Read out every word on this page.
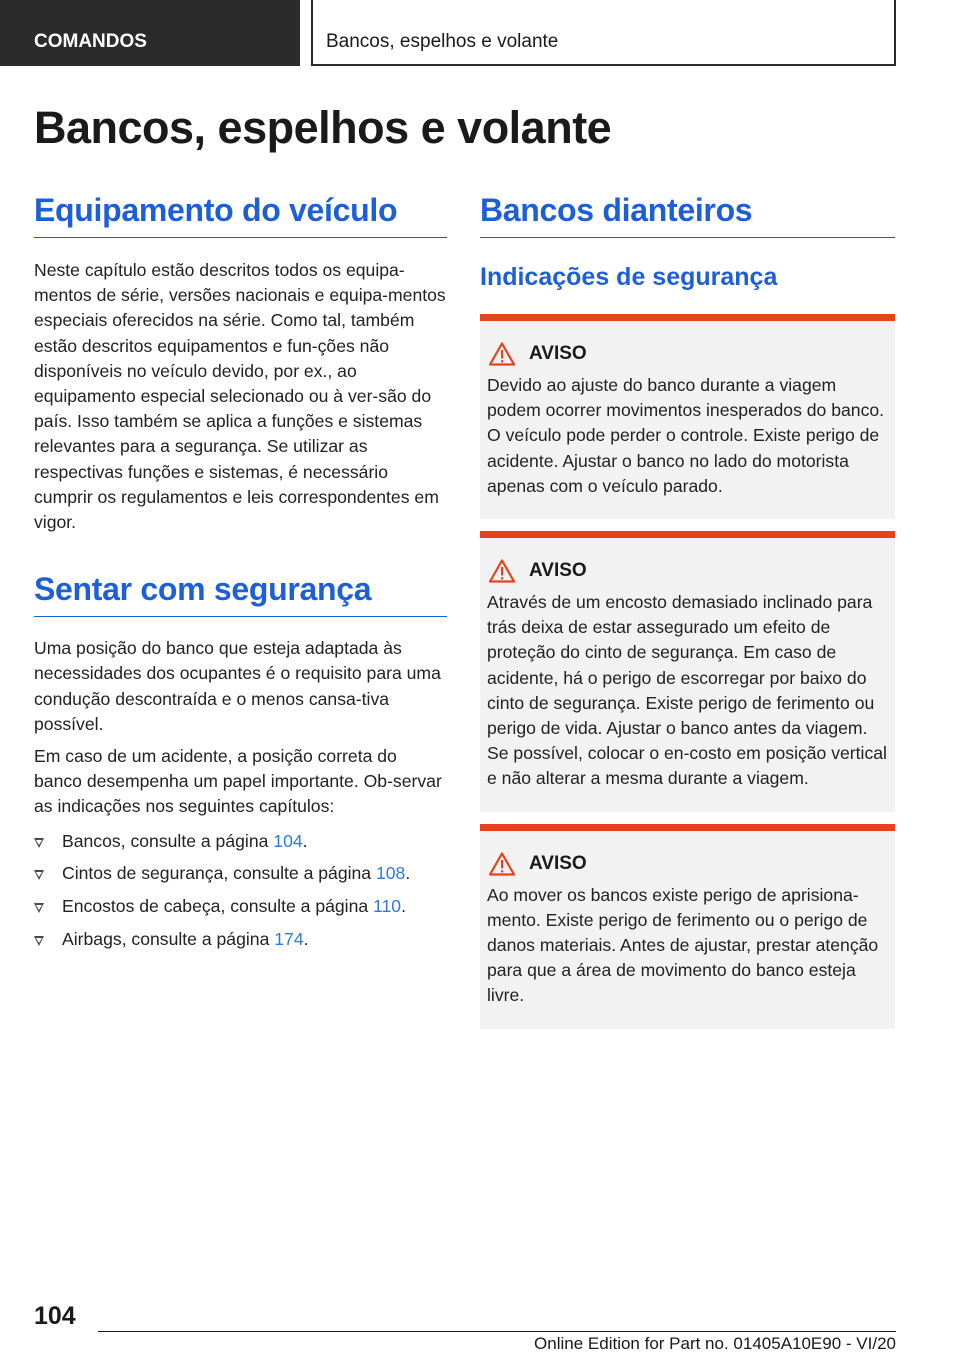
COMANDOS	Bancos, espelhos e volante
Bancos, espelhos e volante
Equipamento do veículo

Neste capítulo estão descritos todos os equipa-mentos de série, versões nacionais e equipa-mentos especiais oferecidos na série. Como tal, também estão descritos equipamentos e fun-ções não disponíveis no veículo devido, por ex., ao equipamento especial selecionado ou à ver-são do país. Isso também se aplica a funções e sistemas relevantes para a segurança. Se utilizar as respectivas funções e sistemas, é necessário cumprir os regulamentos e leis correspondentes em vigor.

Sentar com segurança

Uma posição do banco que esteja adaptada às necessidades dos ocupantes é o requisito para uma condução descontraída e o menos cansa-tiva possível.

Em caso de um acidente, a posição correta do banco desempenha um papel importante. Ob-servar as indicações nos seguintes capítulos:

Bancos, consulte a página 104.
Cintos de segurança, consulte a página 108.
Encostos de cabeça, consulte a página 110.
Airbags, consulte a página 174.
Bancos dianteiros
Indicações de segurança
AVISO

Devido ao ajuste do banco durante a viagem podem ocorrer movimentos inesperados do banco. O veículo pode perder o controle. Existe perigo de acidente. Ajustar o banco no lado do motorista apenas com o veículo parado.

AVISO

Através de um encosto demasiado inclinado para trás deixa de estar assegurado um efeito de proteção do cinto de segurança. Em caso de acidente, há o perigo de escorregar por baixo do cinto de segurança. Existe perigo de ferimento ou perigo de vida. Ajustar o banco antes da viagem. Se possível, colocar o en-costo em posição vertical e não alterar a mesma durante a viagem.

AVISO

Ao mover os bancos existe perigo de aprisiona-mento. Existe perigo de ferimento ou o perigo de danos materiais. Antes de ajustar, prestar atenção para que a área de movimento do banco esteja livre.

104
Online Edition for Part no. 01405A10E90 - VI/20
